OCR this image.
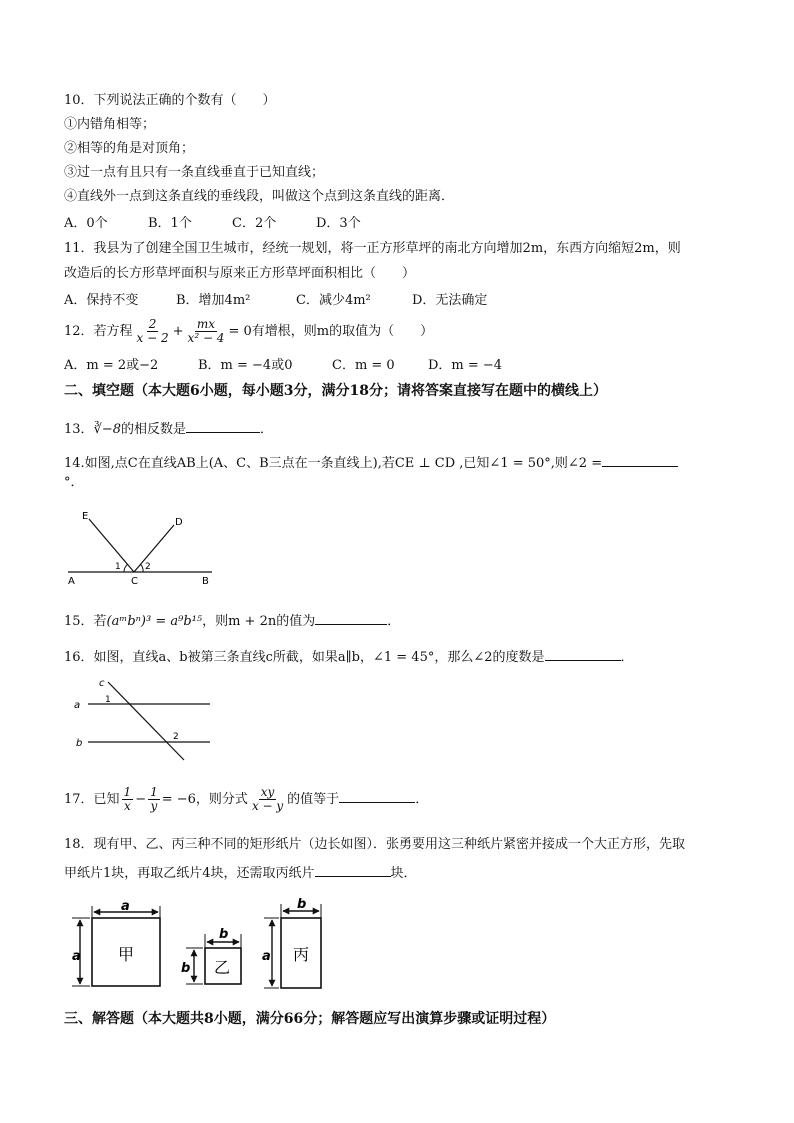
10．下列说法正确的个数有（　　）
①内错角相等；
②相等的角是对顶角；
③过一点有且只有一条直线垂直于已知直线；
④直线外一点到这条直线的垂线段，叫做这个点到这条直线的距离．
A．0个	B．1个	C．2个	D．3个
11．我县为了创建全国卫生城市，经统一规划，将一正方形草坪的南北方向增加2m，东西方向缩短2m，则
改造后的长方形草坪面积与原来正方形草坪面积相比（　　）
A．保持不变	B．增加4m²	C．减少4m²	D．无法确定
12．若方程 $\frac{2}{x - 2} + \frac{mx}{\text{x² − 4}} = 0$有增根，则m的取值为（　　）
A．m = 2或−2	B．m = −4或0	C．m = 0	D．m = −4
二、填空题（本大题6小题，每小题3分，满分18分；请将答案直接写在题中的横线上）
13．∛−8的相反数是	．
14.如图,点C在直线AB上(A、C、B三点在一条直线上),若CE ⊥ CD ,已知∠1 = 50°,则∠2 =
°．
E
D
A	C	B
1	2
15．若(aᵐbⁿ)³ = a⁹b¹⁵，则m + 2n的值为	．
16．如图，直线a、b被第三条直线c所截，如果a∥b，∠1 = 45°，那么∠2的度数是	．
a
b
c
1
2
17．已知 $\frac{1}{x} - \frac{1}{y} = -6$，则分式 $\frac{xy}{x - y}$ 的值等于	．
18．现有甲、乙、丙三种不同的矩形纸片（边长如图）．张勇要用这三种纸片紧密并接成一个大正方形，先取
甲纸片1块，再取乙纸片4块，还需取丙纸片	块．
a
a 甲
b
b 乙
b
a 丙
三、解答题（本大题共8小题，满分66分；解答题应写出演算步骤或证明过程）
